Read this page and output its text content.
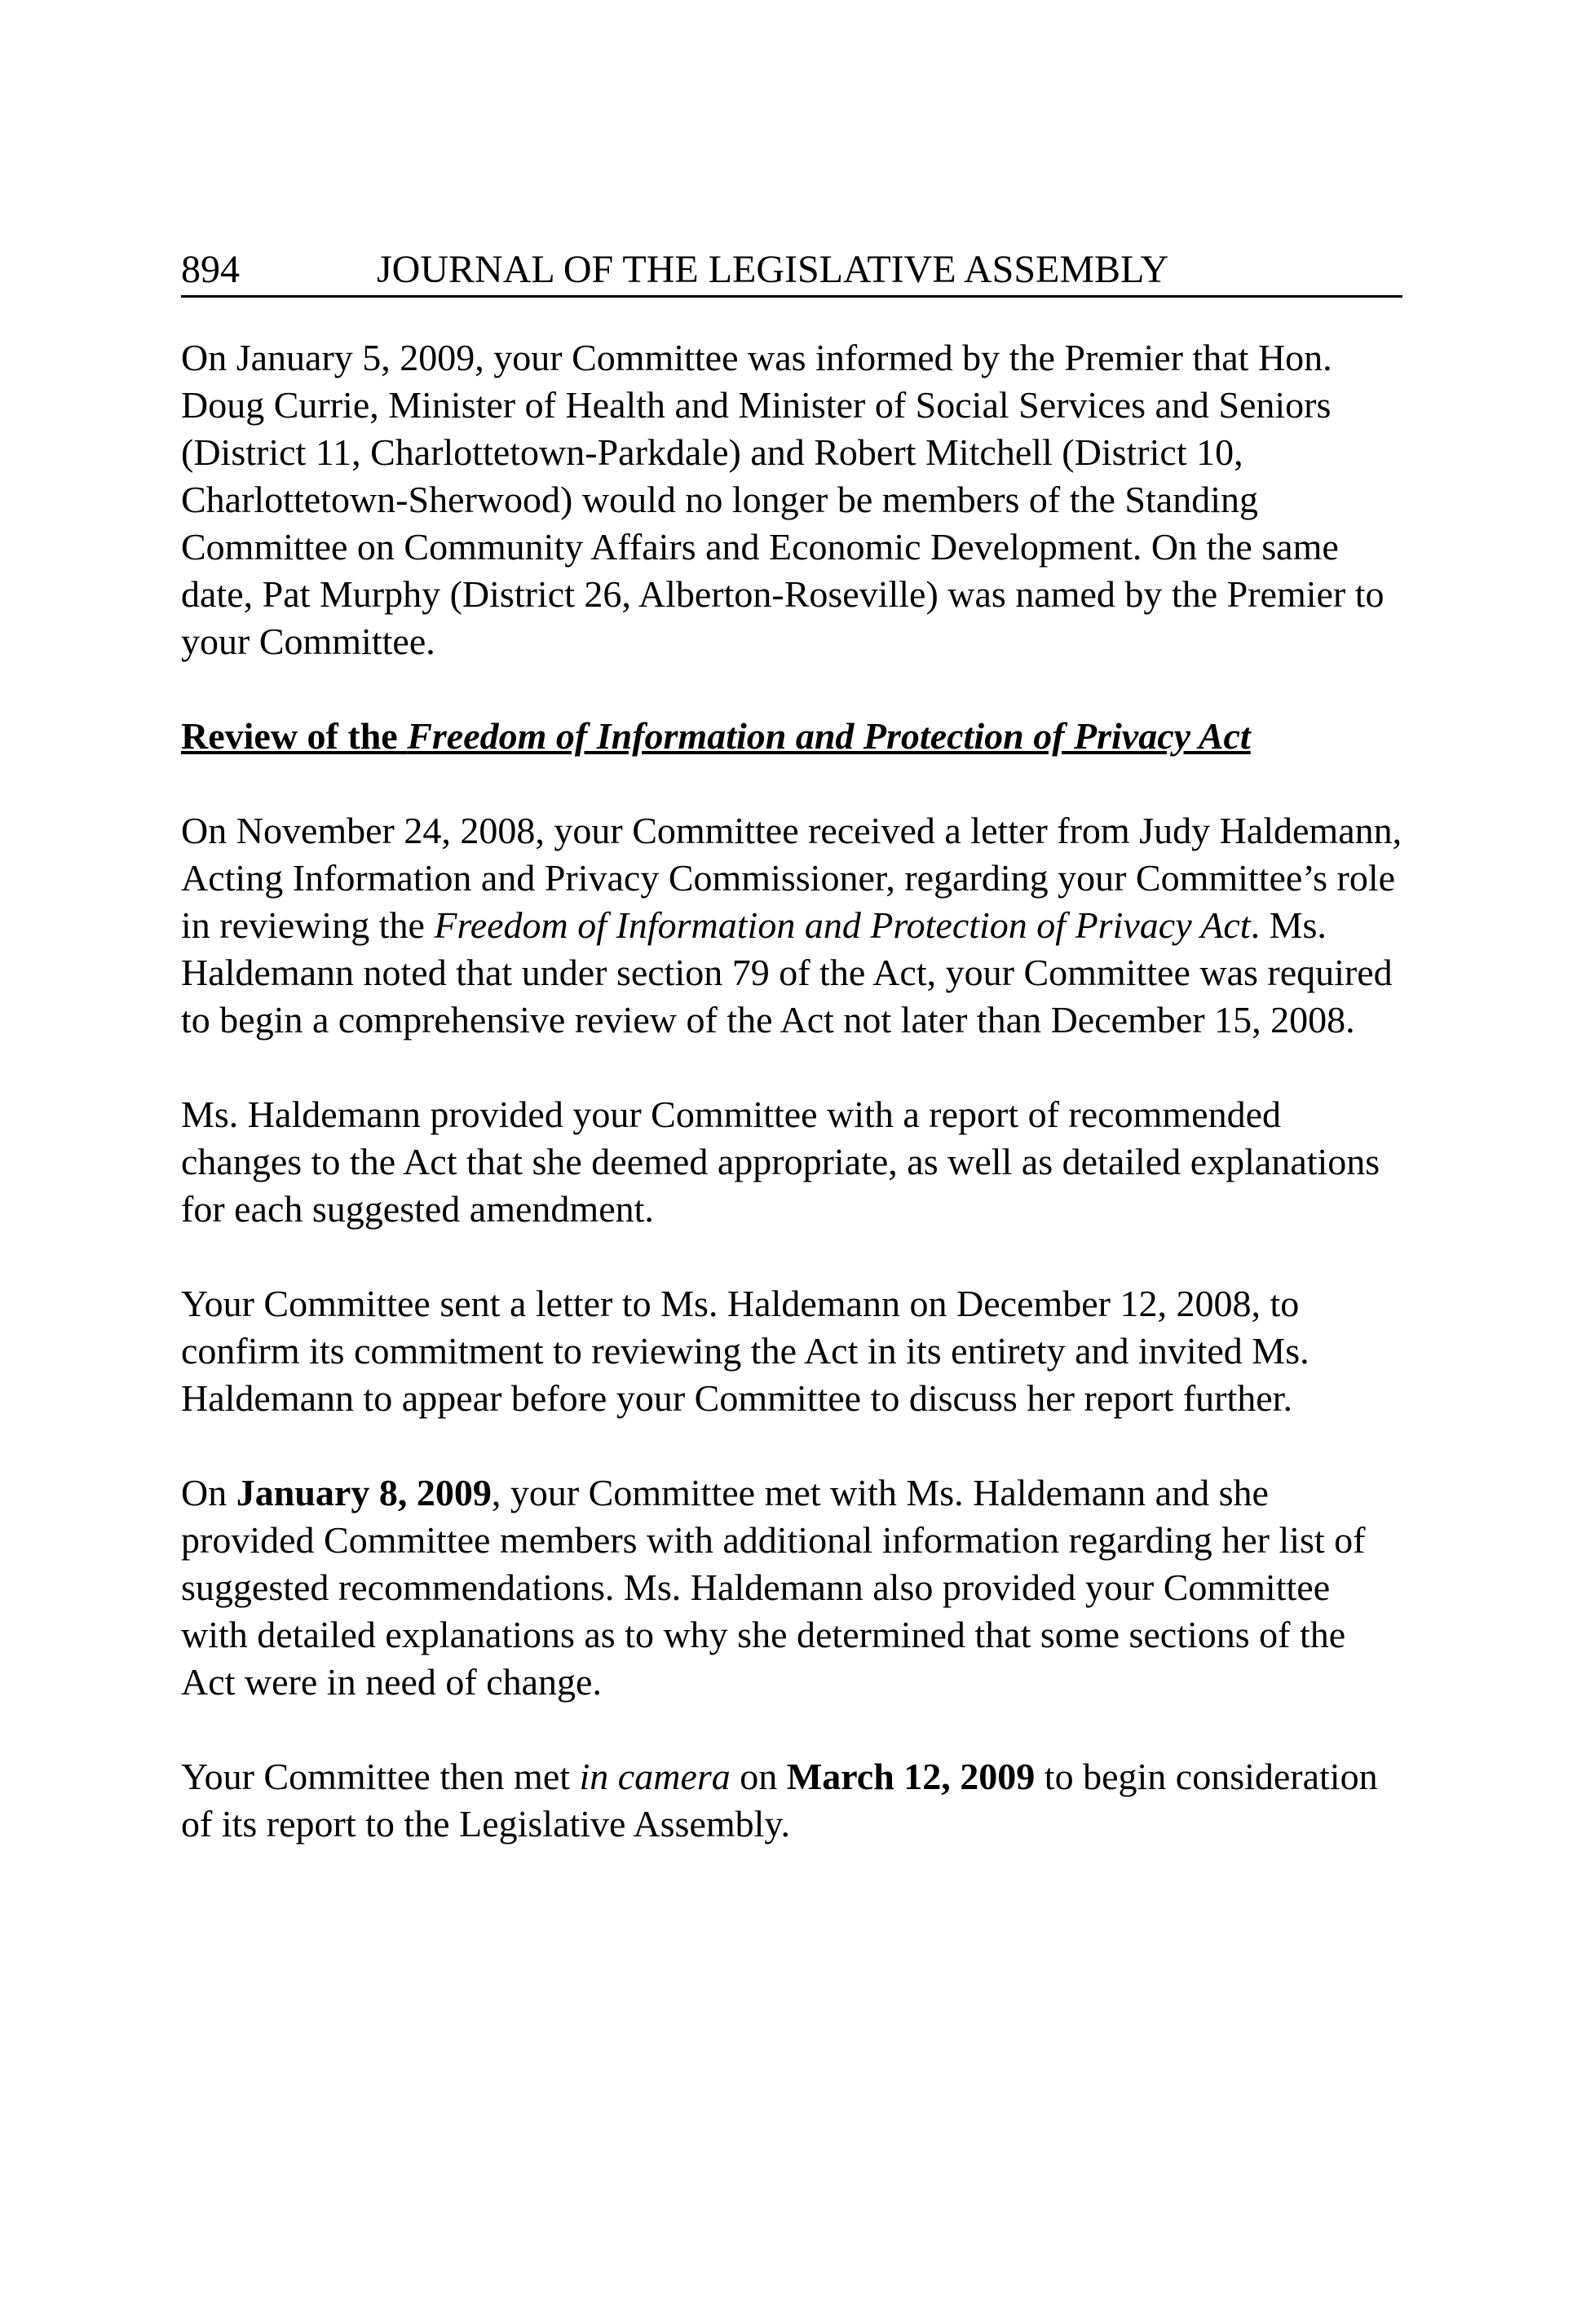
894	JOURNAL OF THE LEGISLATIVE ASSEMBLY

On January 5, 2009, your Committee was informed by the Premier that Hon. Doug Currie, Minister of Health and Minister of Social Services and Seniors (District 11, Charlottetown-Parkdale) and Robert Mitchell (District 10, Charlottetown-Sherwood) would no longer be members of the Standing Committee on Community Affairs and Economic Development. On the same date, Pat Murphy (District 26, Alberton-Roseville) was named by the Premier to your Committee.

Review of the Freedom of Information and Protection of Privacy Act

On November 24, 2008, your Committee received a letter from Judy Haldemann, Acting Information and Privacy Commissioner, regarding your Committee’s role in reviewing the Freedom of Information and Protection of Privacy Act. Ms. Haldemann noted that under section 79 of the Act, your Committee was required to begin a comprehensive review of the Act not later than December 15, 2008.

Ms. Haldemann provided your Committee with a report of recommended changes to the Act that she deemed appropriate, as well as detailed explanations for each suggested amendment.

Your Committee sent a letter to Ms. Haldemann on December 12, 2008, to confirm its commitment to reviewing the Act in its entirety and invited Ms. Haldemann to appear before your Committee to discuss her report further.

On January 8, 2009, your Committee met with Ms. Haldemann and she provided Committee members with additional information regarding her list of suggested recommendations. Ms. Haldemann also provided your Committee with detailed explanations as to why she determined that some sections of the Act were in need of change.

Your Committee then met in camera on March 12, 2009 to begin consideration of its report to the Legislative Assembly.
